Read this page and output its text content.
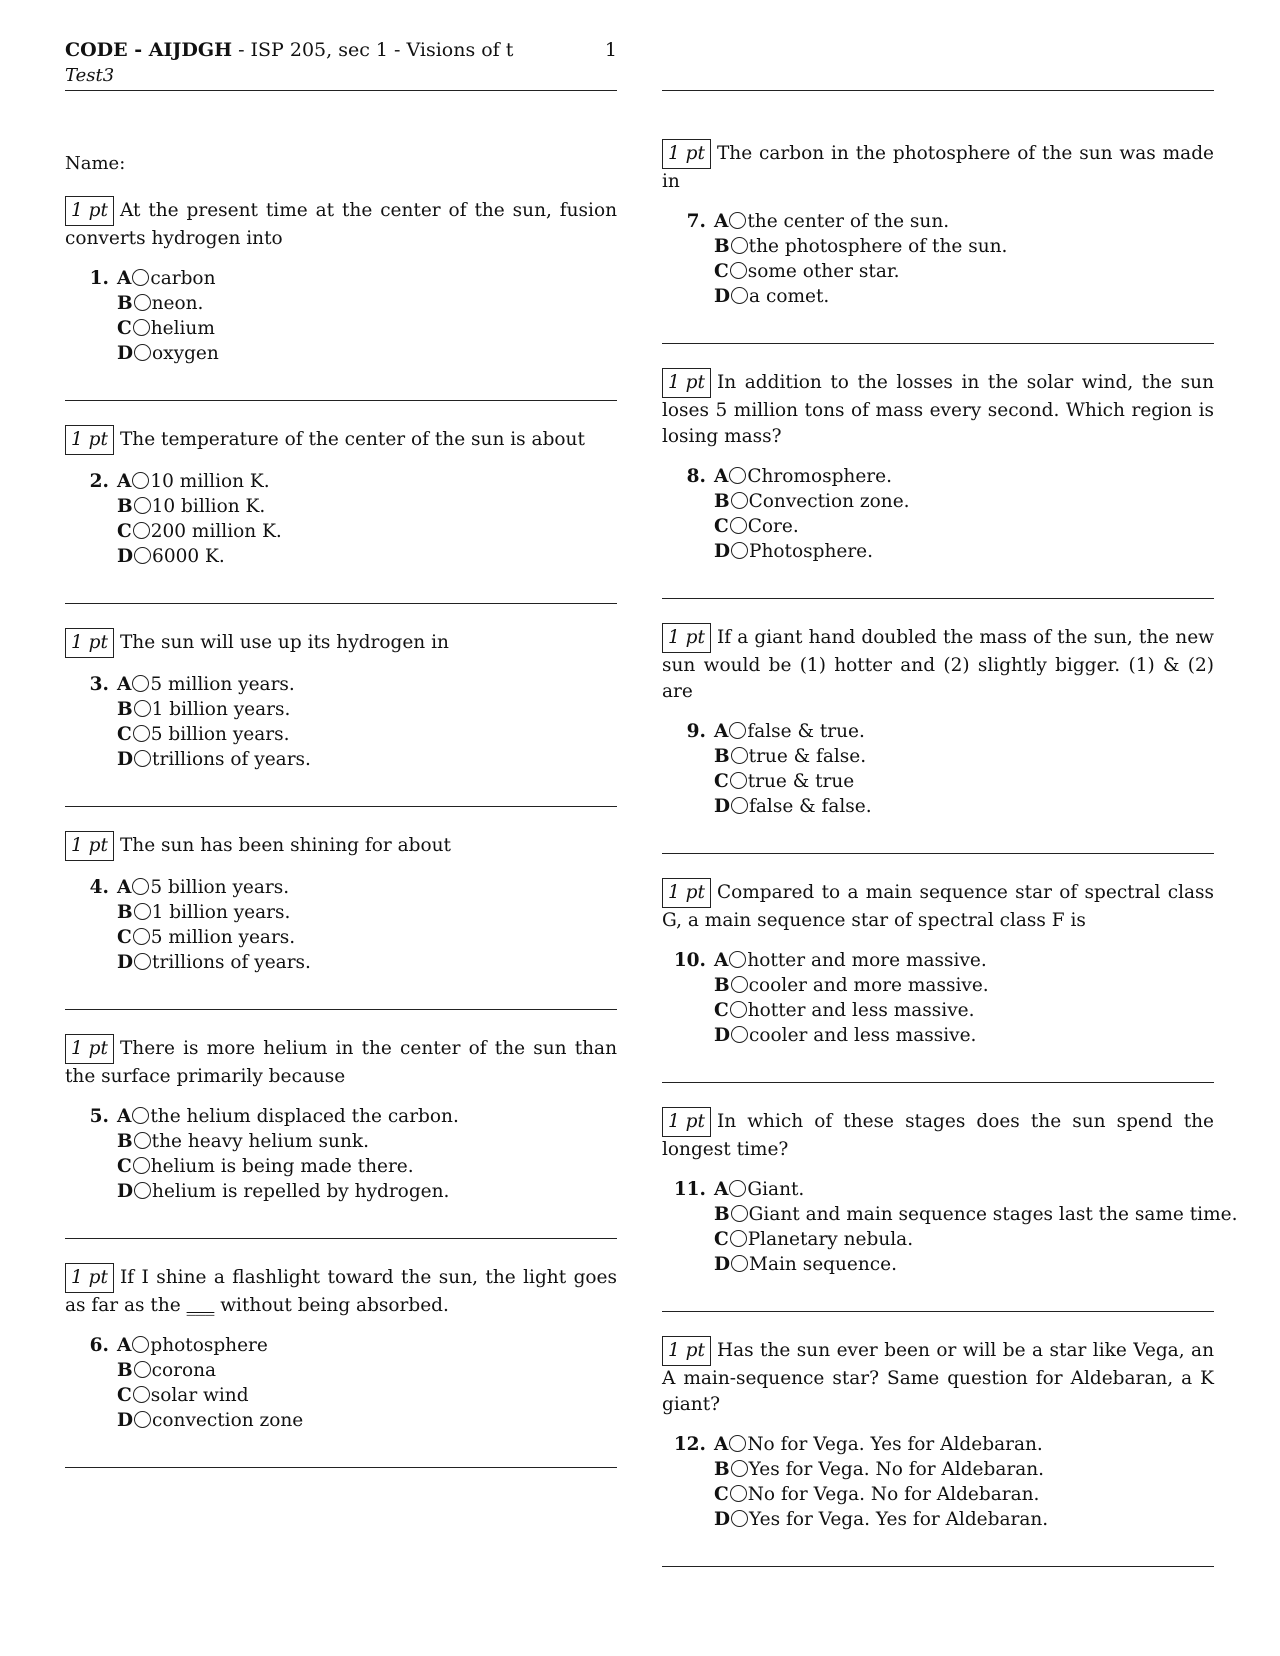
CODE - AIJDGH - ISP 205, sec 1 - Visions of t	1
Test3
Name:
1 pt At the present time at the center of the sun, fusion converts hydrogen into
1. A carbon
B neon.
C helium
D oxygen
1 pt The temperature of the center of the sun is about
2. A 10 million K.
B 10 billion K.
C 200 million K.
D 6000 K.
1 pt The sun will use up its hydrogen in
3. A 5 million years.
B 1 billion years.
C 5 billion years.
D trillions of years.
1 pt The sun has been shining for about
4. A 5 billion years.
B 1 billion years.
C 5 million years.
D trillions of years.
1 pt There is more helium in the center of the sun than the surface primarily because
5. A the helium displaced the carbon.
B the heavy helium sunk.
C helium is being made there.
D helium is repelled by hydrogen.
1 pt If I shine a flashlight toward the sun, the light goes as far as the ___ without being absorbed.
6. A photosphere
B corona
C solar wind
D convection zone
1 pt The carbon in the photosphere of the sun was made in
7. A the center of the sun.
B the photosphere of the sun.
C some other star.
D a comet.
1 pt In addition to the losses in the solar wind, the sun loses 5 million tons of mass every second. Which region is losing mass?
8. A Chromosphere.
B Convection zone.
C Core.
D Photosphere.
1 pt If a giant hand doubled the mass of the sun, the new sun would be (1) hotter and (2) slightly bigger. (1) & (2) are
9. A false & true.
B true & false.
C true & true
D false & false.
1 pt Compared to a main sequence star of spectral class G, a main sequence star of spectral class F is
10. A hotter and more massive.
B cooler and more massive.
C hotter and less massive.
D cooler and less massive.
1 pt In which of these stages does the sun spend the longest time?
11. A Giant.
B Giant and main sequence stages last the same time.
C Planetary nebula.
D Main sequence.
1 pt Has the sun ever been or will be a star like Vega, an A main-sequence star? Same question for Aldebaran, a K giant?
12. A No for Vega. Yes for Aldebaran.
B Yes for Vega. No for Aldebaran.
C No for Vega. No for Aldebaran.
D Yes for Vega. Yes for Aldebaran.
